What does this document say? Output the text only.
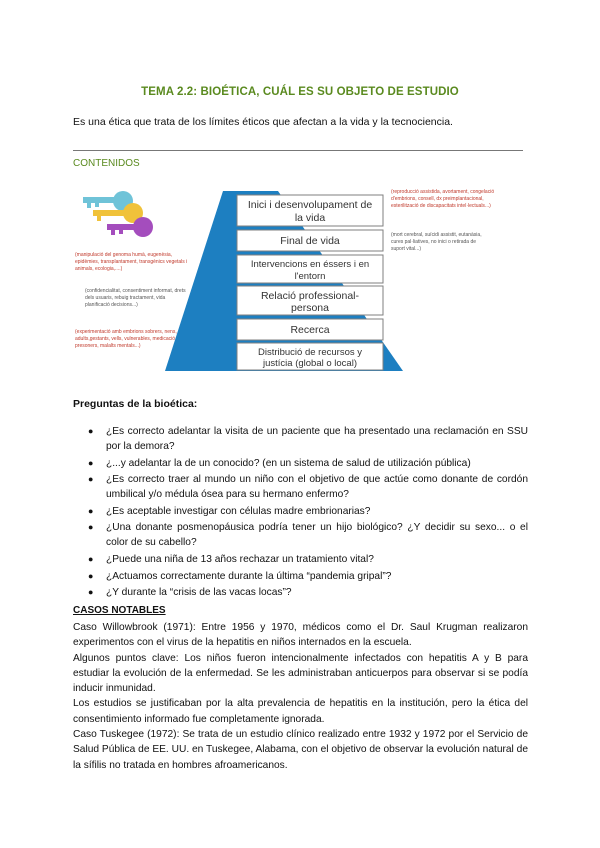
TEMA 2.2: BIOÉTICA, CUÁL ES SU OBJETO DE ESTUDIO
Es una ética que trata de los límites éticos que afectan a la vida y la tecnociencia.
CONTENIDOS
Inici i desenvolupament de
la vida
Final de vida
Intervencions en éssers i en
l'entorn
Relació professional-
persona
Recerca
Distribució de recursos y
justícia (global o local)
(manipulació del genoma humà, eugenèsia,
epidèmies, transplantament, transgènics vegetals i
animals, ecologia,....)
(confidencialitat, consentiment informat, drets
dels usuaris, rebuig tractament, vida
planificació decisions...)
(experimentació amb embrions sobrers, nens,
adults,gestants, vells, vulnerables, medicació
presoners, malalts mentals...)
(reproducció assistida, avortament, congelació
d'embrions, consell, dx preimplantacional,
esterilització de discapacitats intel·lectuals...)
(mort cerebral, suïcidi assistit, eutanàsia,
cures pal·liatives, no inici o retirada de
suport vital...)
Preguntas de la bioética:
● ¿Es correcto adelantar la visita de un paciente que ha presentado una reclamación en SSU por la demora?
● ¿...y adelantar la de un conocido? (en un sistema de salud de utilización pública)
● ¿Es correcto traer al mundo un niño con el objetivo de que actúe como donante de cordón umbilical y/o médula ósea para su hermano enfermo?
● ¿Es aceptable investigar con células madre embrionarias?
● ¿Una donante posmenopáusica podría tener un hijo biológico? ¿Y decidir su sexo... o el color de su cabello?
● ¿Puede una niña de 13 años rechazar un tratamiento vital?
● ¿Actuamos correctamente durante la última “pandemia gripal”?
● ¿Y durante la “crisis de las vacas locas”?
CASOS NOTABLES

Caso Willowbrook (1971): Entre 1956 y 1970, médicos como el Dr. Saul Krugman realizaron experimentos con el virus de la hepatitis en niños internados en la escuela.

Algunos puntos clave: Los niños fueron intencionalmente infectados con hepatitis A y B para estudiar la evolución de la enfermedad. Se les administraban anticuerpos para observar si se podía inducir inmunidad.

Los estudios se justificaban por la alta prevalencia de hepatitis en la institución, pero la ética del consentimiento informado fue completamente ignorada.

Caso Tuskegee (1972): Se trata de un estudio clínico realizado entre 1932 y 1972 por el Servicio de Salud Pública de EE. UU. en Tuskegee, Alabama, con el objetivo de observar la evolución natural de la sífilis no tratada en hombres afroamericanos.
